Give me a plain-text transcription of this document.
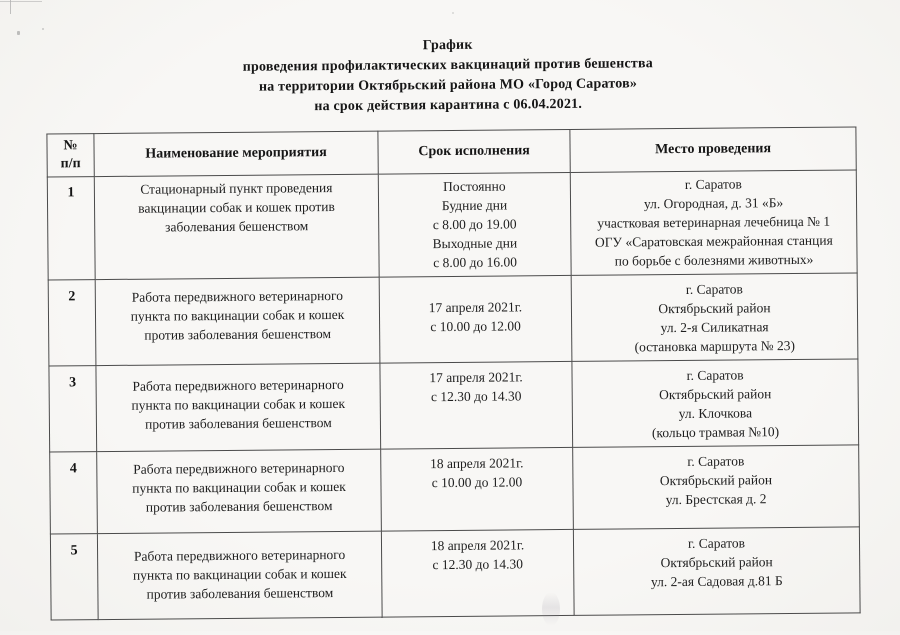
График
проведения профилактических вакцинаций против бешенства
на территории Октябрьский района МО «Город Саратов»
на срок действия карантина с 06.04.2021.
№
п/п	Наименование мероприятия	Срок исполнения	Место проведения
1	Стационарный пункт проведения
вакцинации собак и кошек против
заболевания бешенством	Постоянно
Будние дни
с 8.00 до 19.00
Выходные дни
с 8.00 до 16.00	г. Саратов
ул. Огородная, д. 31 «Б»
участковая ветеринарная лечебница № 1
ОГУ «Саратовская межрайонная станция
по борьбе с болезнями животных»
2	Работа передвижного ветеринарного
пункта по вакцинации собак и кошек
против заболевания бешенством	17 апреля 2021г.
с 10.00 до 12.00	г. Саратов
Октябрьский район
ул. 2-я Силикатная
(остановка маршрута № 23)
3	Работа передвижного ветеринарного
пункта по вакцинации собак и кошек
против заболевания бешенством	17 апреля 2021г.
с 12.30 до 14.30	г. Саратов
Октябрьский район
ул. Клочкова
(кольцо трамвая №10)
4	Работа передвижного ветеринарного
пункта по вакцинации собак и кошек
против заболевания бешенством	18 апреля 2021г.
с 10.00 до 12.00	г. Саратов
Октябрьский район
ул. Брестская д. 2
5	Работа передвижного ветеринарного
пункта по вакцинации собак и кошек
против заболевания бешенством	18 апреля 2021г.
с 12.30 до 14.30	г. Саратов
Октябрьский район
ул. 2-ая Садовая д.81 Б
